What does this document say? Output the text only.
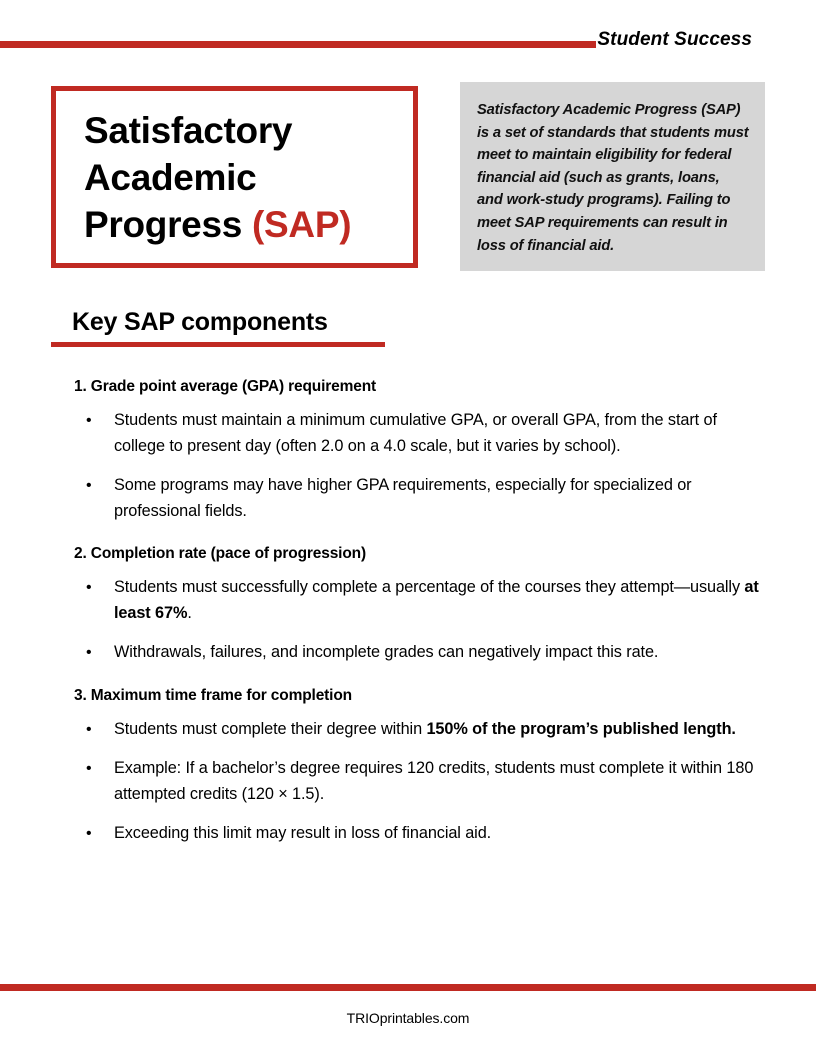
Student Success
Satisfactory
Academic
Progress (SAP)
Satisfactory Academic Progress (SAP) is a set of standards that students must meet to maintain eligibility for federal financial aid (such as grants, loans, and work-study programs). Failing to meet SAP requirements can result in loss of financial aid.
Key SAP components
1. Grade point average (GPA) requirement
•	Students must maintain a minimum cumulative GPA, or overall GPA, from the start of college to present day (often 2.0 on a 4.0 scale, but it varies by school).
•	Some programs may have higher GPA requirements, especially for specialized or professional fields.
2. Completion rate (pace of progression)
•	Students must successfully complete a percentage of the courses they attempt—usually at least 67%.
•	Withdrawals, failures, and incomplete grades can negatively impact this rate.
3. Maximum time frame for completion
•	Students must complete their degree within 150% of the program’s published length.
•	Example: If a bachelor’s degree requires 120 credits, students must complete it within 180 attempted credits (120 × 1.5).
•	Exceeding this limit may result in loss of financial aid.
TRIOprintables.com
